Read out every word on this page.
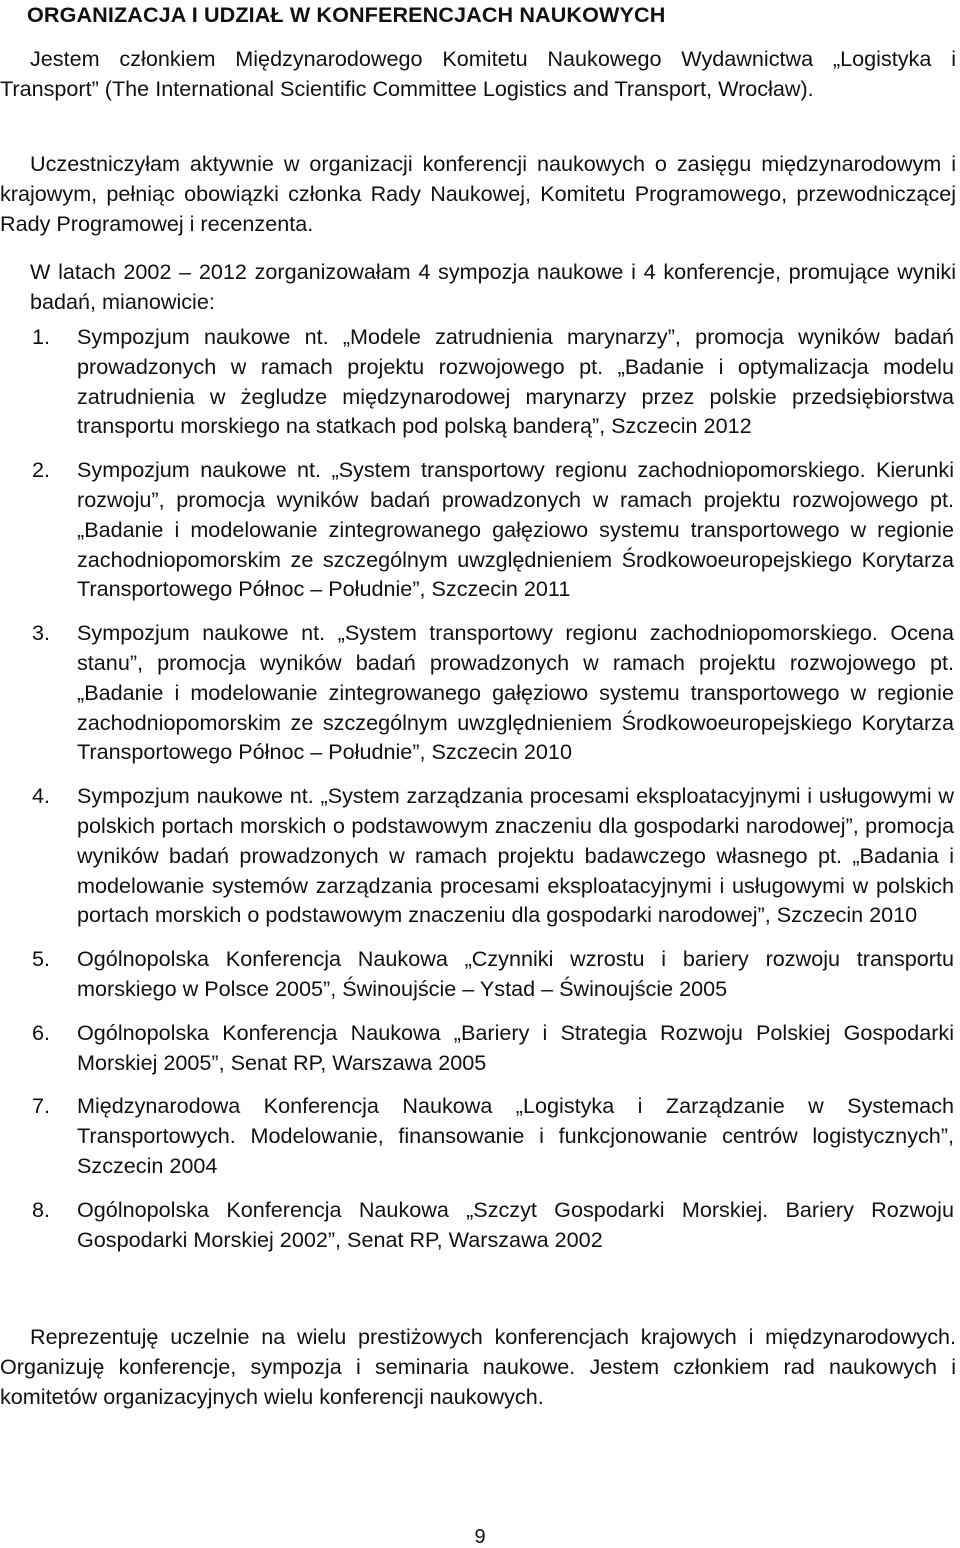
ORGANIZACJA I UDZIAŁ W KONFERENCJACH NAUKOWYCH

Jestem członkiem Międzynarodowego Komitetu Naukowego Wydawnictwa „Logistyka i Transport” (The International Scientific Committee Logistics and Transport, Wrocław).

Uczestniczyłam aktywnie w organizacji konferencji naukowych o zasięgu międzynarodowym i krajowym, pełniąc obowiązki członka Rady Naukowej, Komitetu Programowego, przewodniczącej Rady Programowej i recenzenta.

W latach 2002 – 2012 zorganizowałam 4 sympozja naukowe i 4 konferencje, promujące wyniki badań, mianowicie:

1. Sympozjum naukowe nt. „Modele zatrudnienia marynarzy”, promocja wyników badań prowadzonych w ramach projektu rozwojowego pt. „Badanie i optymalizacja modelu zatrudnienia w żegludze międzynarodowej marynarzy przez polskie przedsiębiorstwa transportu morskiego na statkach pod polską banderą”, Szczecin 2012

2. Sympozjum naukowe nt. „System transportowy regionu zachodniopomorskiego. Kierunki rozwoju”, promocja wyników badań prowadzonych w ramach projektu rozwojowego pt. „Badanie i modelowanie zintegrowanego gałęziowo systemu transportowego w regionie zachodniopomorskim ze szczególnym uwzględnieniem Środkowoeuropejskiego Korytarza Transportowego Północ – Południe”, Szczecin 2011

3. Sympozjum naukowe nt. „System transportowy regionu zachodniopomorskiego. Ocena stanu”, promocja wyników badań prowadzonych w ramach projektu rozwojowego pt. „Badanie i modelowanie zintegrowanego gałęziowo systemu transportowego w regionie zachodniopomorskim ze szczególnym uwzględnieniem Środkowoeuropejskiego Korytarza Transportowego Północ – Południe”, Szczecin 2010

4. Sympozjum naukowe nt. „System zarządzania procesami eksploatacyjnymi i usługowymi w polskich portach morskich o podstawowym znaczeniu dla gospodarki narodowej”, promocja wyników badań prowadzonych w ramach projektu badawczego własnego pt. „Badania i modelowanie systemów zarządzania procesami eksploatacyjnymi i usługowymi w polskich portach morskich o podstawowym znaczeniu dla gospodarki narodowej”, Szczecin 2010

5. Ogólnopolska Konferencja Naukowa „Czynniki wzrostu i bariery rozwoju transportu morskiego w Polsce 2005”, Świnoujście – Ystad – Świnoujście 2005

6. Ogólnopolska Konferencja Naukowa „Bariery i Strategia Rozwoju Polskiej Gospodarki Morskiej 2005”, Senat RP, Warszawa 2005

7. Międzynarodowa Konferencja Naukowa „Logistyka i Zarządzanie w Systemach Transportowych. Modelowanie, finansowanie i funkcjonowanie centrów logistycznych”, Szczecin 2004

8. Ogólnopolska Konferencja Naukowa „Szczyt Gospodarki Morskiej. Bariery Rozwoju Gospodarki Morskiej 2002”, Senat RP, Warszawa 2002

Reprezentuję uczelnie na wielu prestiżowych konferencjach krajowych i międzynarodowych. Organizuję konferencje, sympozja i seminaria naukowe. Jestem członkiem rad naukowych i komitetów organizacyjnych wielu konferencji naukowych.

9
